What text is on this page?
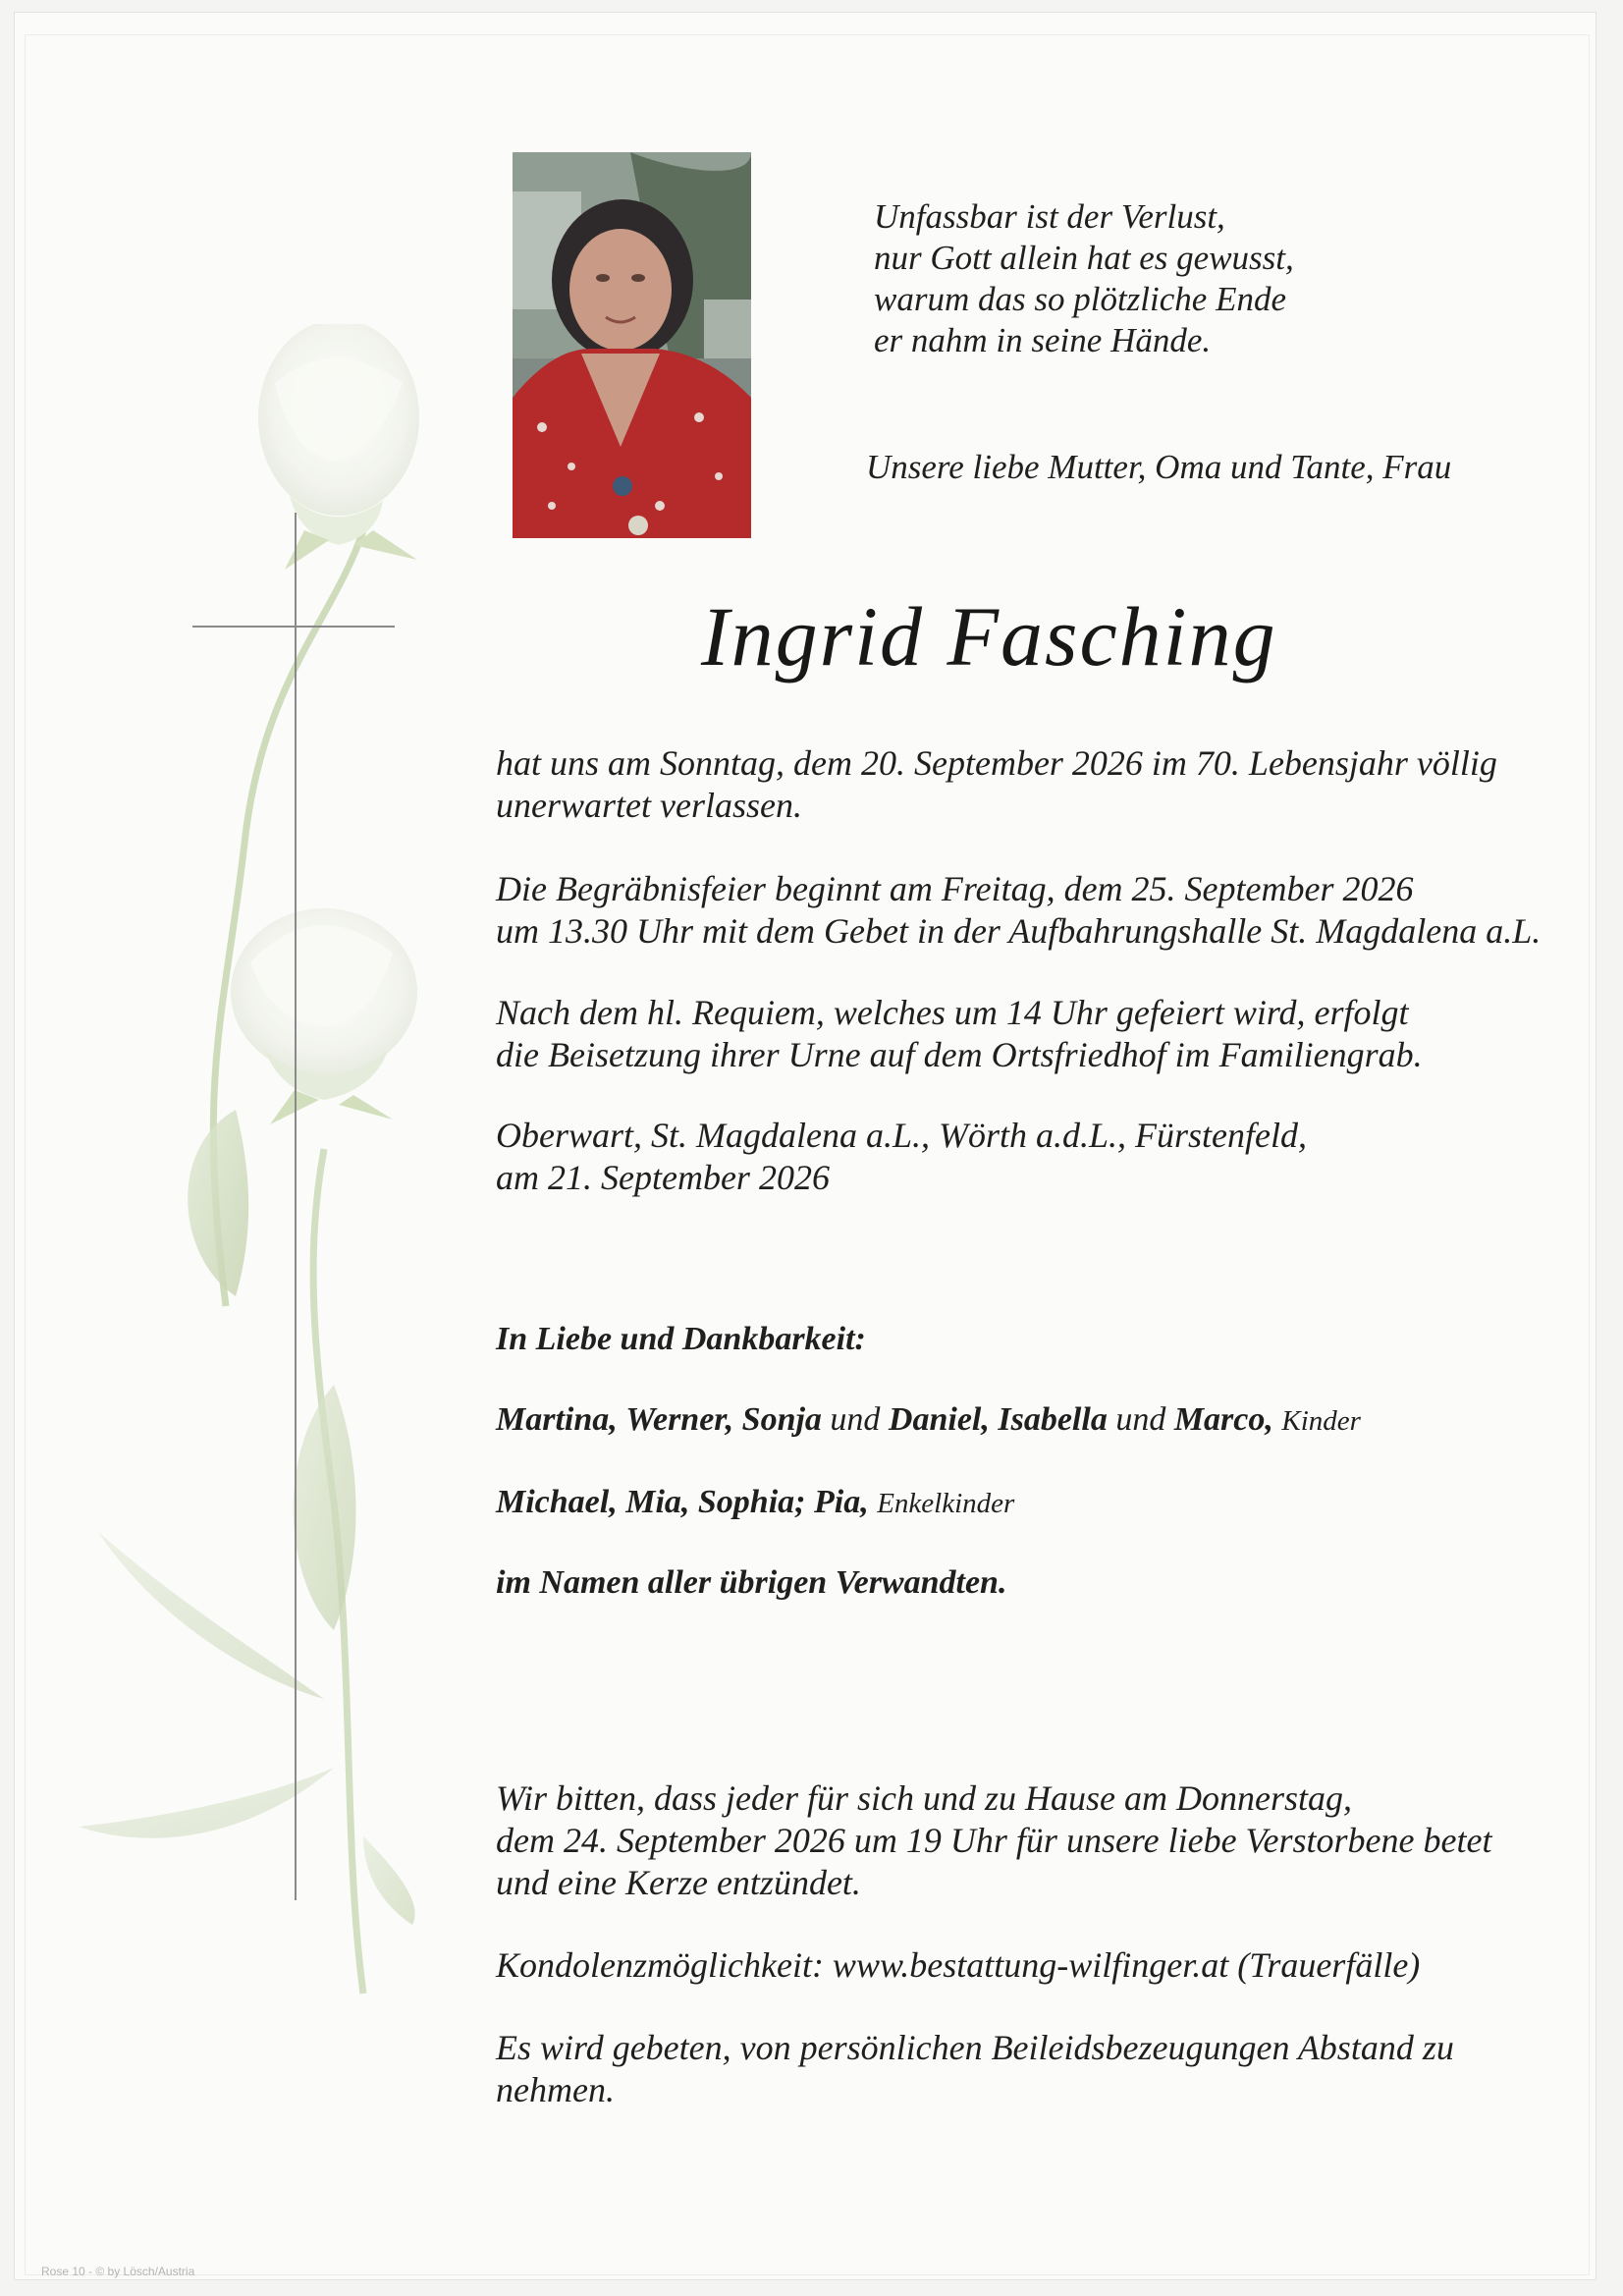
Unfassbar ist der Verlust,
nur Gott allein hat es gewusst,
warum das so plötzliche Ende
er nahm in seine Hände.
Unsere liebe Mutter, Oma und Tante, Frau
Ingrid Fasching
hat uns am Sonntag, dem 20. September 2026 im 70. Lebensjahr völlig
unerwartet verlassen.
Die Begräbnisfeier beginnt am Freitag, dem 25. September 2026
um 13.30 Uhr mit dem Gebet in der Aufbahrungshalle St. Magdalena a.L.
Nach dem hl. Requiem, welches um 14 Uhr gefeiert wird, erfolgt
die Beisetzung ihrer Urne auf dem Ortsfriedhof im Familiengrab.
Oberwart, St. Magdalena a.L., Wörth a.d.L., Fürstenfeld,
am 21. September 2026
In Liebe und Dankbarkeit:
Martina, Werner, Sonja und Daniel, Isabella und Marco, Kinder
Michael, Mia, Sophia; Pia, Enkelkinder
im Namen aller übrigen Verwandten.
Wir bitten, dass jeder für sich und zu Hause am Donnerstag,
dem 24. September 2026 um 19 Uhr für unsere liebe Verstorbene betet
und eine Kerze entzündet.
Kondolenzmöglichkeit: www.bestattung-wilfinger.at (Trauerfälle)
Es wird gebeten, von persönlichen Beileidsbezeugungen Abstand zu
nehmen.
Rose 10 - © by Lösch/Austria
